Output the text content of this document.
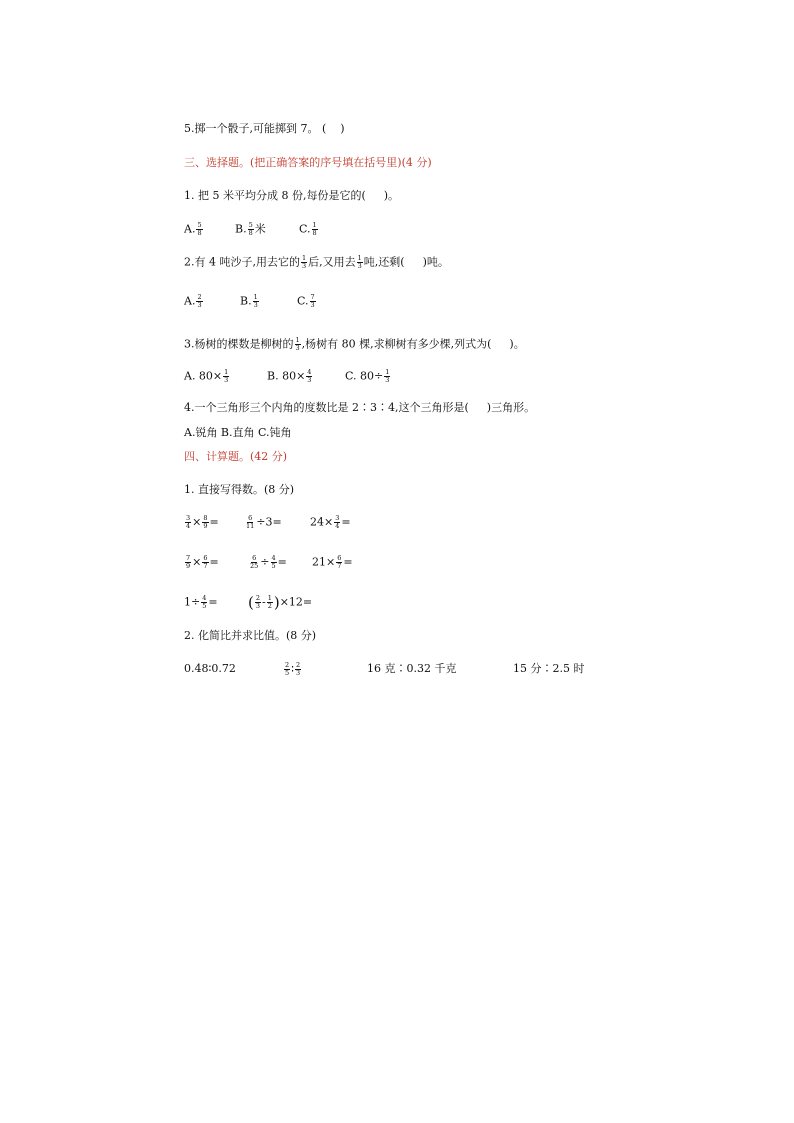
5.掷一个骰子,可能掷到 7。 ( )
三、选择题。(把正确答案的序号填在括号里)(4 分)
1. 把 5 米平均分成 8 份,每份是它的( )。
A. $\frac{5}{8}$	B. $\frac{5}{8}$ 米	C. $\frac{1}{8}$
2.有 4 吨沙子,用去它的 $\frac{1}{3}$ 后,又用去 $\frac{1}{3}$ 吨,还剩( )吨。
A. $\frac{2}{3}$	B. $\frac{1}{3}$	C. $\frac{7}{3}$
3.杨树的棵数是柳树的 $\frac{1}{3}$ ,杨树有 80 棵,求柳树有多少棵,列式为( )。
A. $80\times \frac{1}{3}$	B. $80\times \frac{4}{3}$	C. $80\div \frac{1}{3}$
4.一个三角形三个内角的度数比是 2∶3∶4,这个三角形是( )三角形。
A.锐角 B.直角 C.钝角
四、计算题。(42 分)
1. 直接写得数。(8 分)
$\frac{3}{4} \times \frac{8}{9}$ =	$\frac{6}{11} \div 3=$	$24\times \frac{3}{4}$ =
$\frac{7}{9} \times \frac{6}{7}$ =	$\frac{6}{25} \div \frac{4}{5} = 21\times \frac{6}{7}$ =
$1\div \frac{4}{5}$ = ( $\frac{2}{3} - \frac{1}{2} )\times 12=$
2. 化简比并求比值。(8 分)
0.48∶0.72	$\frac{2}{5}$ ∶ $\frac{2}{3}$	16 克∶0.32 千克	15 分∶2.5 时
